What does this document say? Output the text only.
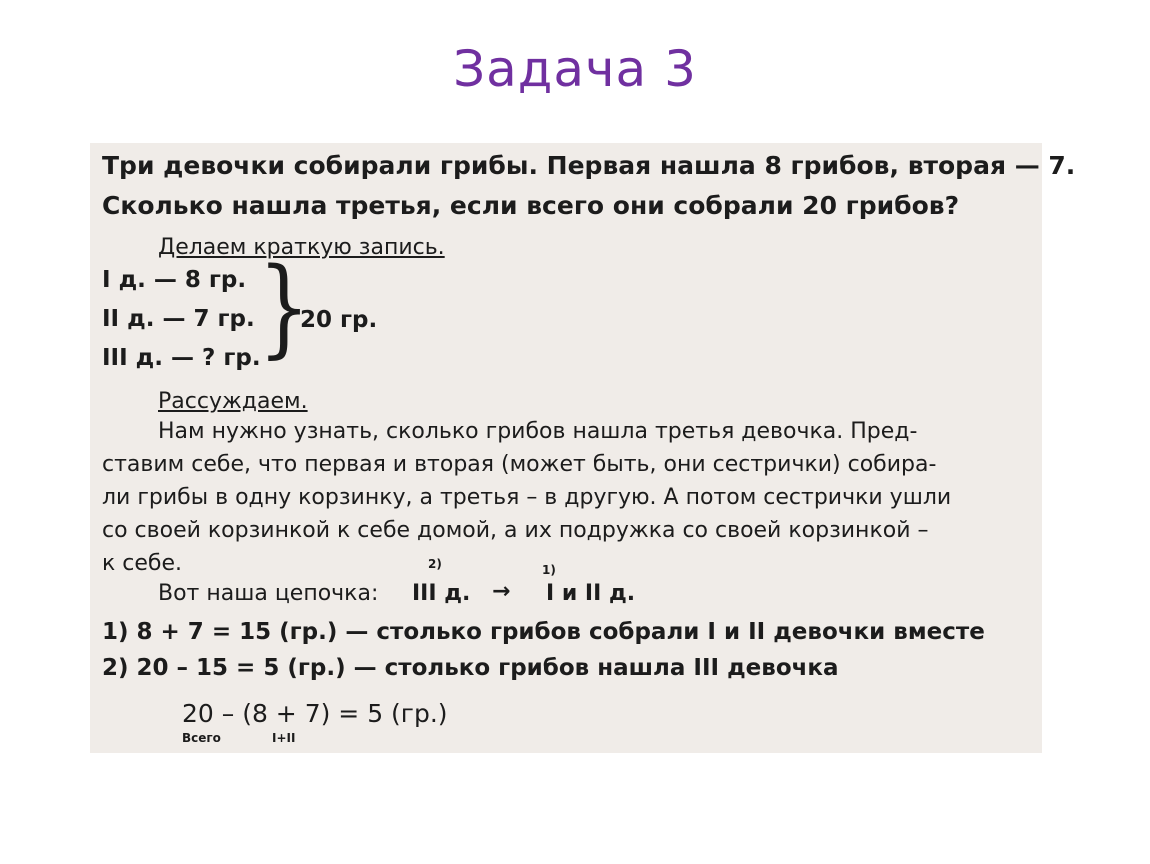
Задача 3
Три девочки собирали грибы. Первая нашла 8 грибов, вторая — 7.
Сколько нашла третья, если всего они собрали 20 грибов?
Делаем краткую запись.
I д. — 8 гр.
II д. — 7 гр.
III д. — ? гр.
}
20 гр.
Рассуждаем.
Нам нужно узнать, сколько грибов нашла третья девочка. Пред-
ставим себе, что первая и вторая (может быть, они сестрички) собира-
ли грибы в одну корзинку, а третья – в другую. А потом сестрички ушли
со своей корзинкой к себе домой, а их подружка со своей корзинкой –
к себе.	2)	1)
Вот наша цепочка: III д. → I и II д.
1) 8 + 7 = 15 (гр.) — столько грибов собрали I и II девочки вместе
2) 20 – 15 = 5 (гр.) — столько грибов нашла III девочка
20 – (8 + 7) = 5 (гр.)
Всего	I+II
